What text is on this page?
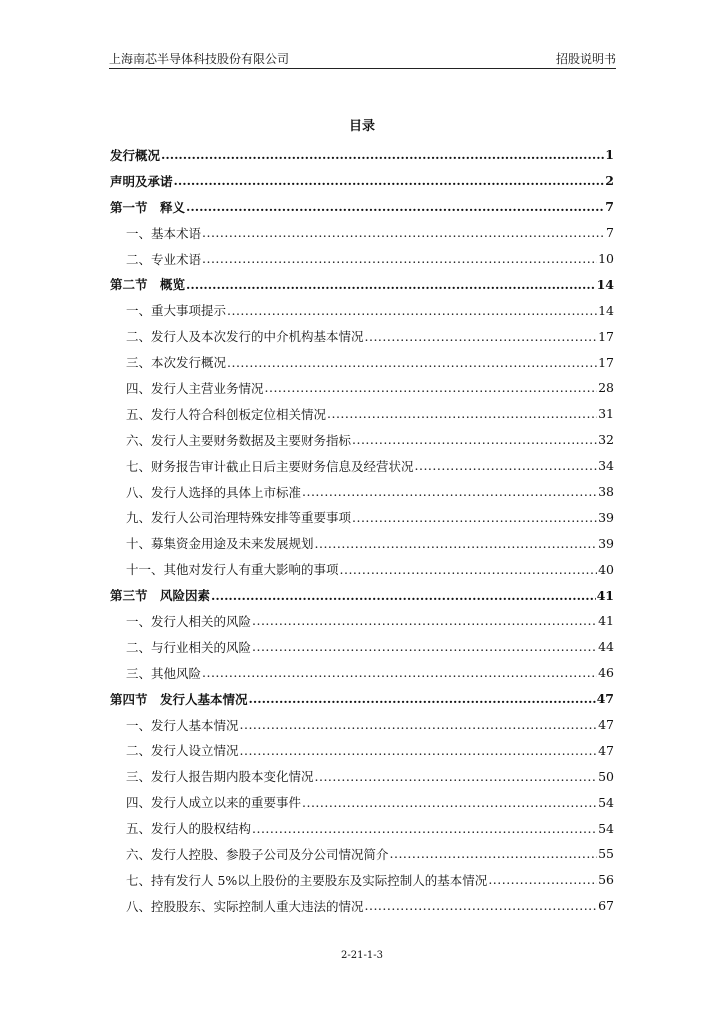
上海南芯半导体科技股份有限公司	招股说明书
目录
发行概况 .....	1
声明及承诺 .....	2
第一节　释义 .....	7
一、基本术语 .....	7
二、专业术语 .....	10
第二节　概览 .....	14
一、重大事项提示 .....	14
二、发行人及本次发行的中介机构基本情况 .....	17
三、本次发行概况 .....	17
四、发行人主营业务情况 .....	28
五、发行人符合科创板定位相关情况 .....	31
六、发行人主要财务数据及主要财务指标 .....	32
七、财务报告审计截止日后主要财务信息及经营状况 .....	34
八、发行人选择的具体上市标准 .....	38
九、发行人公司治理特殊安排等重要事项 .....	39
十、募集资金用途及未来发展规划 .....	39
十一、其他对发行人有重大影响的事项 .....	40
第三节　风险因素 .....	41
一、发行人相关的风险 .....	41
二、与行业相关的风险 .....	44
三、其他风险 .....	46
第四节　发行人基本情况 .....	47
一、发行人基本情况 .....	47
二、发行人设立情况 .....	47
三、发行人报告期内股本变化情况 .....	50
四、发行人成立以来的重要事件 .....	54
五、发行人的股权结构 .....	54
六、发行人控股、参股子公司及分公司情况简介 .....	55
七、持有发行人 5%以上股份的主要股东及实际控制人的基本情况 .....	56
八、控股股东、实际控制人重大违法的情况 .....	67
2-21-1-3
